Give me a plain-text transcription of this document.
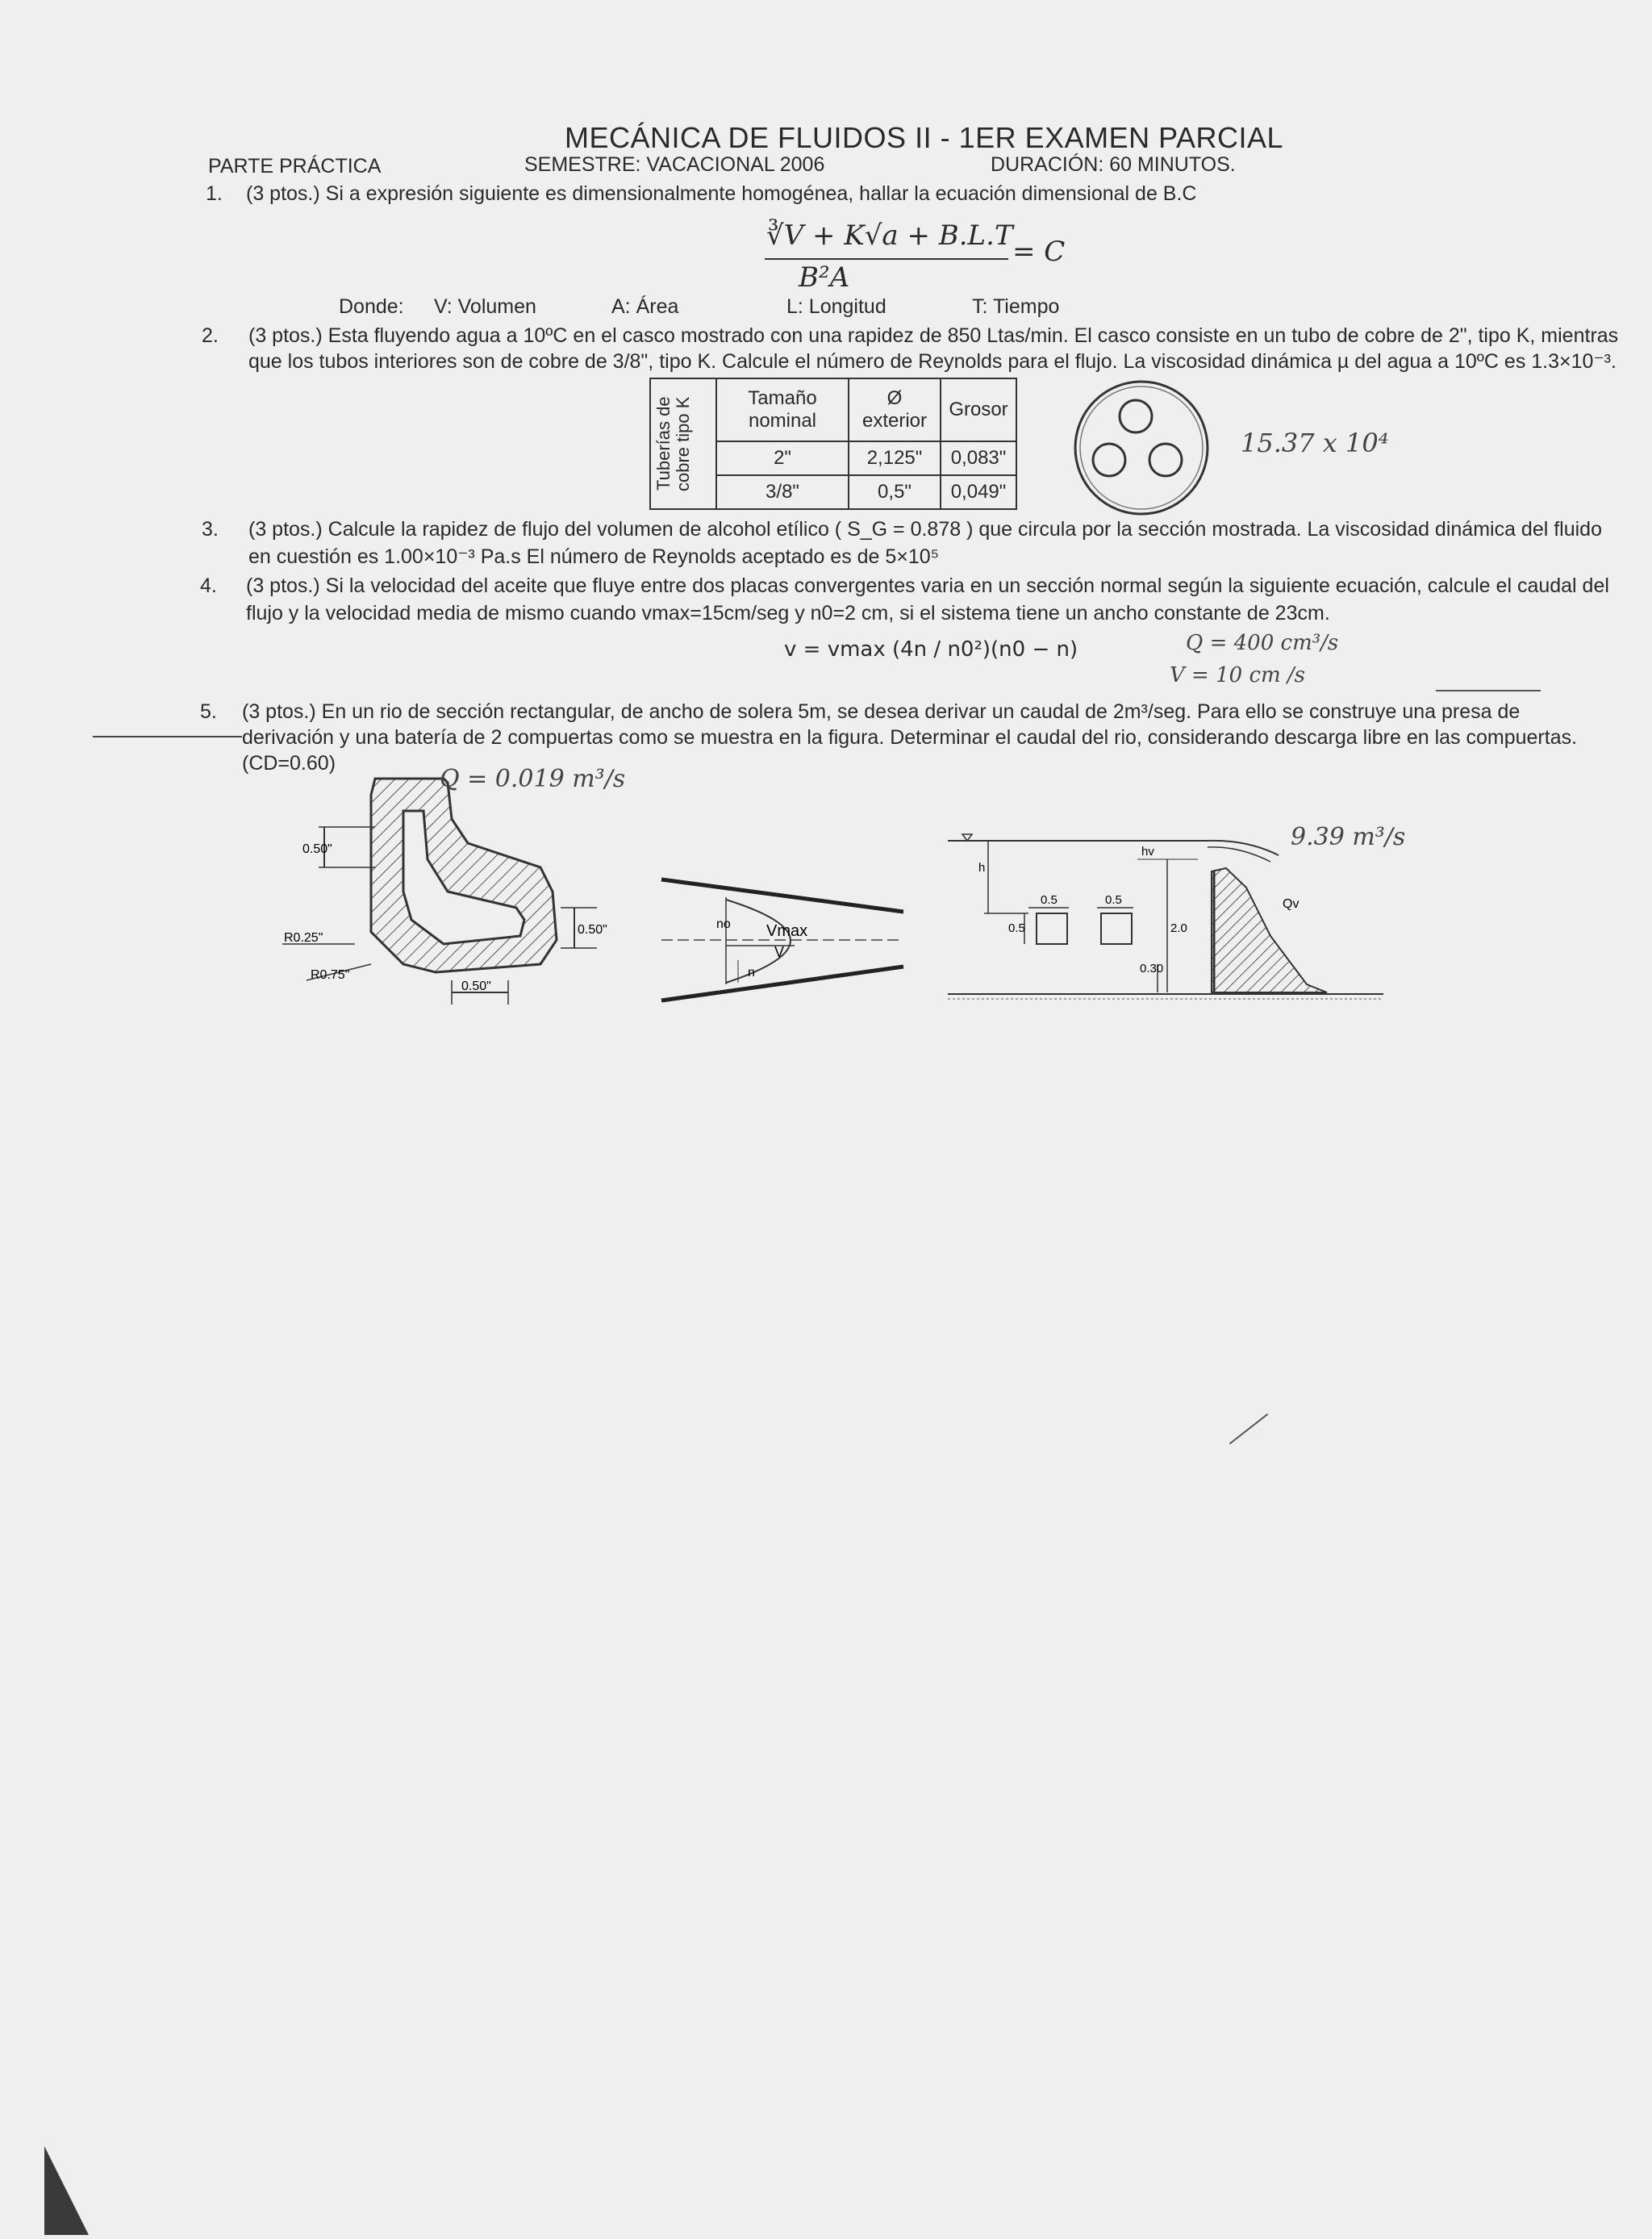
MECÁNICA DE FLUIDOS II - 1ER EXAMEN PARCIAL
PARTE PRÁCTICA	SEMESTRE: VACACIONAL 2006	DURACIÓN: 60 MINUTOS.
1. (3 ptos.) Si a expresión siguiente es dimensionalmente homogénea, hallar la ecuación dimensional de B.C
∛V + K√a + B.L.T = C
B²A
Donde: V: Volumen	A: Área	L: Longitud	T: Tiempo
2. (3 ptos.) Esta fluyendo agua a 10ºC en el casco mostrado con una rapidez de 850 Ltas/min. El casco consiste en un tubo de cobre de 2", tipo K, mientras
que los tubos interiores son de cobre de 3/8", tipo K. Calcule el número de Reynolds para el flujo. La viscosidad dinámica µ del agua a 10ºC es 1.3×10⁻³.
Tuberías de cobre tipo K	Tamaño nominal	Ø exterior	Grosor
	2"	2,125"	0,083"
	3/8"	0,5"	0,049"
15.37 x 10⁴
3. (3 ptos.) Calcule la rapidez de flujo del volumen de alcohol etílico ( S_G = 0.878 ) que circula por la sección mostrada. La viscosidad dinámica del fluido
en cuestión es 1.00×10⁻³ Pa.s El número de Reynolds aceptado es de 5×10⁵
4. (3 ptos.) Si la velocidad del aceite que fluye entre dos placas convergentes varia en un sección normal según la siguiente ecuación, calcule el caudal del
flujo y la velocidad media de mismo cuando vmax=15cm/seg y n0=2 cm, si el sistema tiene un ancho constante de 23cm.
v = vmax (4n / n0²)(n0 − n)	Q = 400 cm³/s
V = 10 cm /s
5. (3 ptos.) En un rio de sección rectangular, de ancho de solera 5m, se desea derivar un caudal de 2m³/seg. Para ello se construye una presa de
derivación y una batería de 2 compuertas como se muestra en la figura. Determinar el caudal del rio, considerando descarga libre en las compuertas.
(CD=0.60)
0.50"
R0.25"
R0.75"
0.50"
0.50"
Q = 0.019 m³/s
Vmax
V
no
n
h
hv
0.5	0.5
0.5	2.0
0.30
Qv
9.39 m³/s
